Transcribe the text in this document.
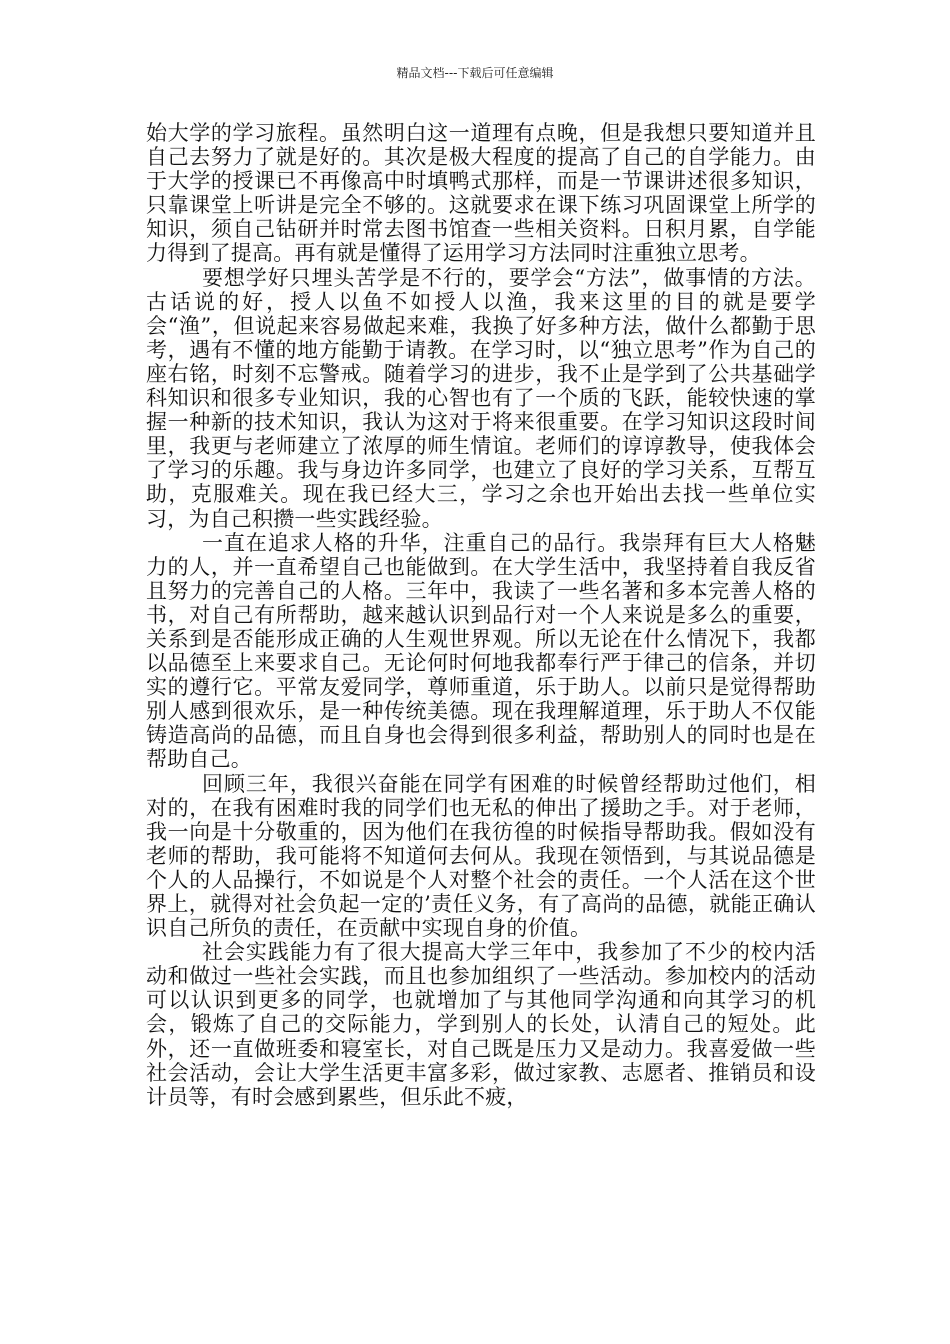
精品文档---下载后可任意编辑

始大学的学习旅程。虽然明白这一道理有点晚，但是我想只要知道并且自己去努力了就是好的。其次是极大程度的提高了自己的自学能力。由于大学的授课已不再像高中时填鸭式那样，而是一节课讲述很多知识，只靠课堂上听讲是完全不够的。这就要求在课下练习巩固课堂上所学的知识，须自己钻研并时常去图书馆查一些相关资料。日积月累，自学能力得到了提高。再有就是懂得了运用学习方法同时注重独立思考。

要想学好只埋头苦学是不行的，要学会“方法”，做事情的方法。古话说的好，授人以鱼不如授人以渔，我来这里的目的就是要学会“渔”，但说起来容易做起来难，我换了好多种方法，做什么都勤于思考，遇有不懂的地方能勤于请教。在学习时，以“独立思考”作为自己的座右铭，时刻不忘警戒。随着学习的进步，我不止是学到了公共基础学科知识和很多专业知识，我的心智也有了一个质的飞跃，能较快速的掌握一种新的技术知识，我认为这对于将来很重要。在学习知识这段时间里，我更与老师建立了浓厚的师生情谊。老师们的谆谆教导，使我体会了学习的乐趣。我与身边许多同学，也建立了良好的学习关系，互帮互助，克服难关。现在我已经大三，学习之余也开始出去找一些单位实习，为自己积攒一些实践经验。

一直在追求人格的升华，注重自己的品行。我崇拜有巨大人格魅力的人，并一直希望自己也能做到。在大学生活中，我坚持着自我反省且努力的完善自己的人格。三年中，我读了一些名著和多本完善人格的书，对自己有所帮助，越来越认识到品行对一个人来说是多么的重要，关系到是否能形成正确的人生观世界观。所以无论在什么情况下，我都以品德至上来要求自己。无论何时何地我都奉行严于律己的信条，并切实的遵行它。平常友爱同学，尊师重道，乐于助人。以前只是觉得帮助别人感到很欢乐，是一种传统美德。现在我理解道理，乐于助人不仅能铸造高尚的品德，而且自身也会得到很多利益，帮助别人的同时也是在帮助自己。

回顾三年，我很兴奋能在同学有困难的时候曾经帮助过他们，相对的，在我有困难时我的同学们也无私的伸出了援助之手。对于老师，我一向是十分敬重的，因为他们在我彷徨的时候指导帮助我。假如没有老师的帮助，我可能将不知道何去何从。我现在领悟到，与其说品德是个人的人品操行，不如说是个人对整个社会的责任。一个人活在这个世界上，就得对社会负起一定的’责任义务，有了高尚的品德，就能正确认识自己所负的责任，在贡献中实现自身的价值。

社会实践能力有了很大提高大学三年中，我参加了不少的校内活动和做过一些社会实践，而且也参加组织了一些活动。参加校内的活动可以认识到更多的同学，也就增加了与其他同学沟通和向其学习的机会，锻炼了自己的交际能力，学到别人的长处，认清自己的短处。此外，还一直做班委和寝室长，对自己既是压力又是动力。我喜爱做一些社会活动，会让大学生活更丰富多彩，做过家教、志愿者、推销员和设计员等，有时会感到累些，但乐此不疲，
